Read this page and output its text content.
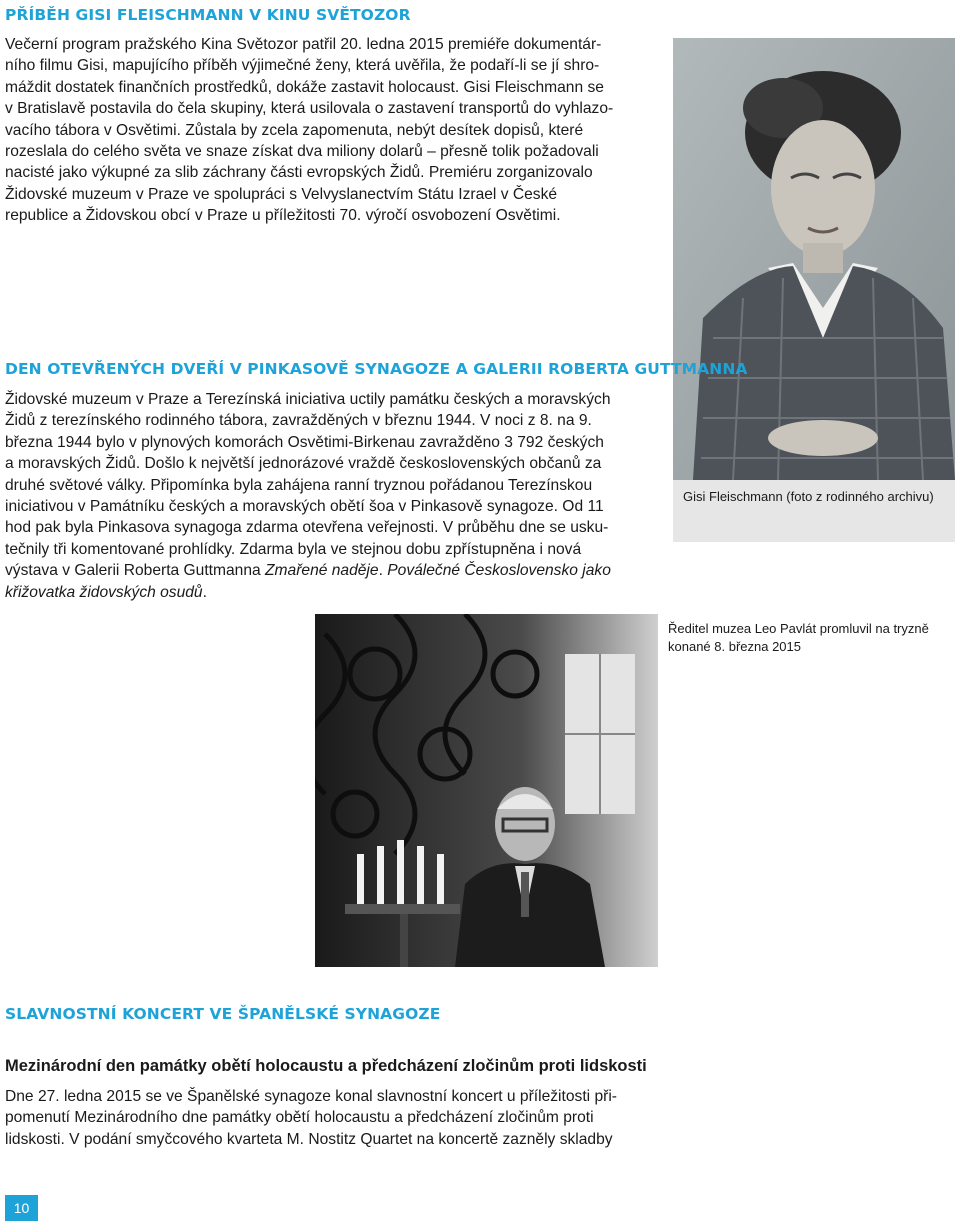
PŘÍBĚH GISI FLEISCHMANN V KINU SVĚTOZOR
Večerní program pražského Kina Světozor patřil 20. ledna 2015 premiéře dokumentár-
ního filmu Gisi, mapujícího příběh výjimečné ženy, která uvěřila, že podaří-li se jí shro-
máždit dostatek finančních prostředků, dokáže zastavit holocaust. Gisi Fleischmann se
v Bratislavě postavila do čela skupiny, která usilovala o zastavení transportů do vyhlazo-
vacího tábora v Osvětimi. Zůstala by zcela zapomenuta, nebýt desítek dopisů, které
rozeslala do celého světa ve snaze získat dva miliony dolarů – přesně tolik požadovali
nacisté jako výkupné za slib záchrany části evropských Židů. Premiéru zorganizovalo
Židovské muzeum v Praze ve spolupráci s Velvyslanectvím Státu Izrael v České
republice a Židovskou obcí v Praze u příležitosti 70. výročí osvobození Osvětimi.
Gisi Fleischmann (foto z rodinného archivu)
DEN OTEVŘENÝCH DVEŘÍ V PINKASOVĚ SYNAGOZE A GALERII ROBERTA GUTTMANNA
Židovské muzeum v Praze a Terezínská iniciativa uctily památku českých a moravských
Židů z terezínského rodinného tábora, zavražděných v březnu 1944. V noci z 8. na 9.
března 1944 bylo v plynových komorách Osvětimi-Birkenau zavražděno 3 792 českých
a moravských Židů. Došlo k největší jednorázové vraždě československých občanů za
druhé světové války. Připomínka byla zahájena ranní tryznou pořádanou Terezínskou
iniciativou v Památníku českých a moravských obětí šoa v Pinkasově synagoze. Od 11
hod pak byla Pinkasova synagoga zdarma otevřena veřejnosti. V průběhu dne se usku-
tečnily tři komentované prohlídky. Zdarma byla ve stejnou dobu zpřístupněna i nová
výstava v Galerii Roberta Guttmanna Zmařené naděje. Poválečné Československo jako
křižovatka židovských osudů.
Ředitel muzea Leo Pavlát promluvil na tryzně konané 8. března 2015
SLAVNOSTNÍ KONCERT VE ŠPANĚLSKÉ SYNAGOZE
Mezinárodní den památky obětí holocaustu a předcházení zločinům proti lidskosti
Dne 27. ledna 2015 se ve Španělské synagoze konal slavnostní koncert u příležitosti při-
pomenutí Mezinárodního dne památky obětí holocaustu a předcházení zločinům proti
lidskosti. V podání smyčcového kvarteta M. Nostitz Quartet na koncertě zazněly skladby
10
